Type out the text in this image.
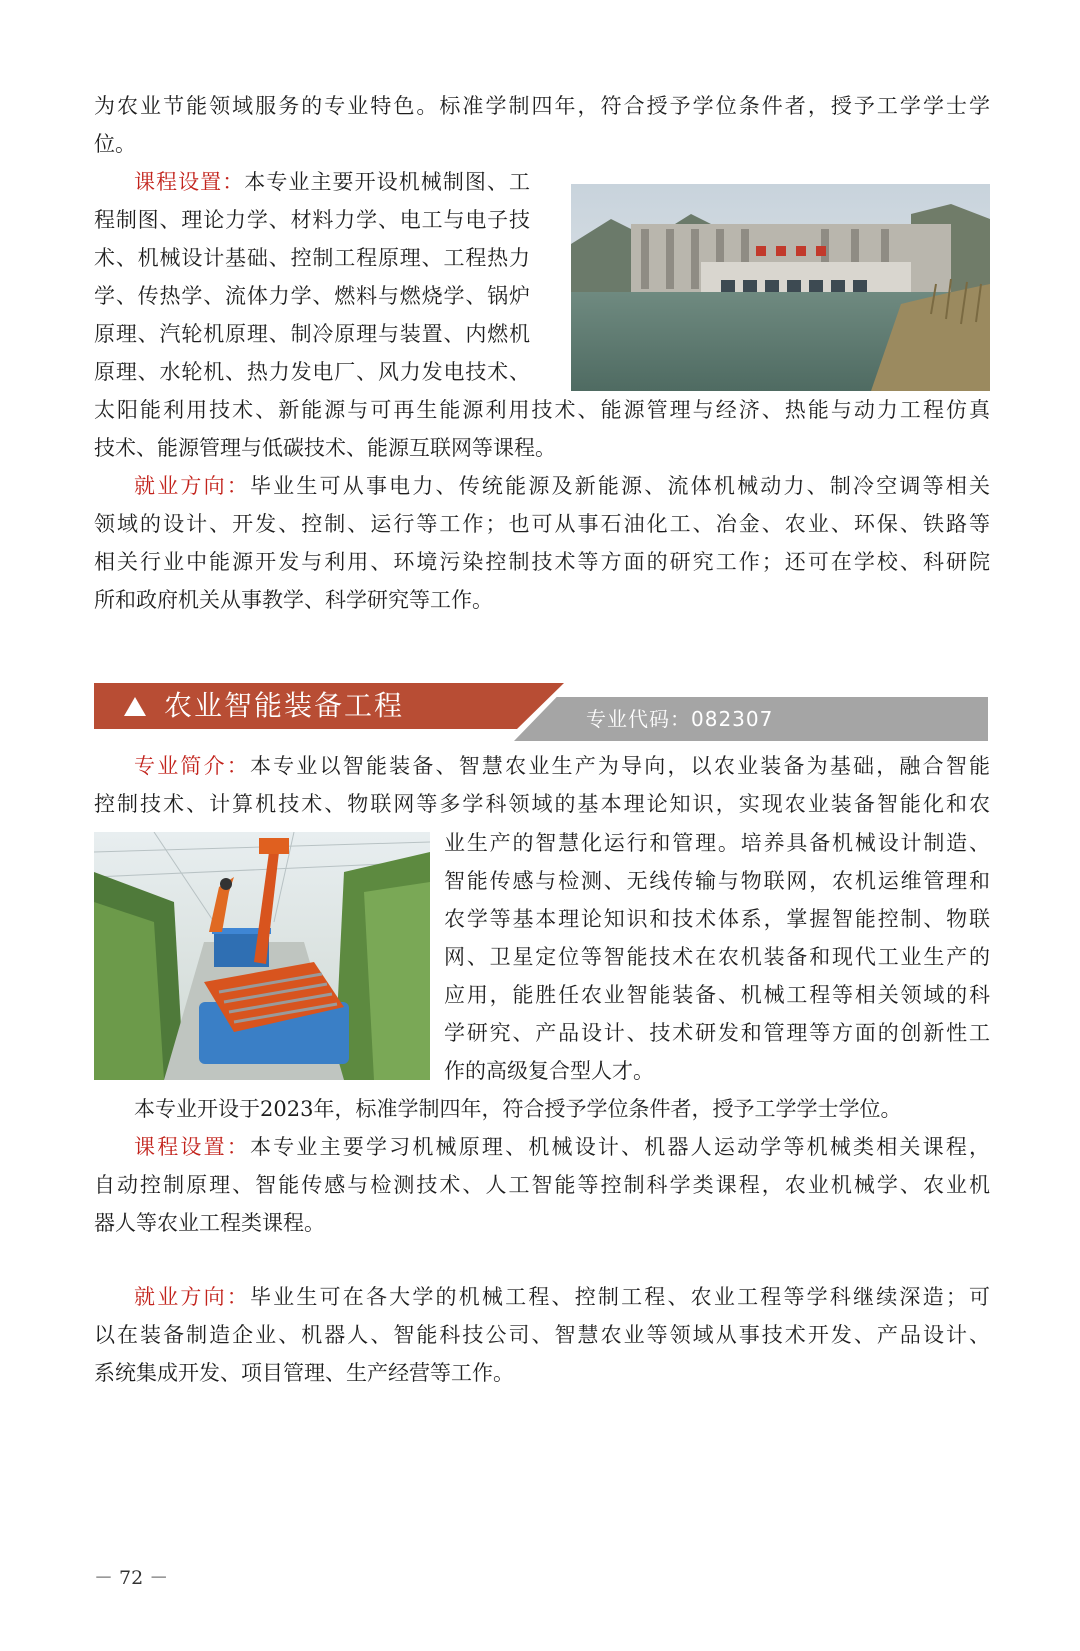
为农业节能领域服务的专业特色。标准学制四年，符合授予学位条件者，授予工学学士学
位。
课程设置：本专业主要开设机械制图、工
程制图、理论力学、材料力学、电工与电子技
术、机械设计基础、控制工程原理、工程热力
学、传热学、流体力学、燃料与燃烧学、锅炉
原理、汽轮机原理、制冷原理与装置、内燃机
原理、水轮机、热力发电厂、风力发电技术、
太阳能利用技术、新能源与可再生能源利用技术、能源管理与经济、热能与动力工程仿真
技术、能源管理与低碳技术、能源互联网等课程。
就业方向：毕业生可从事电力、传统能源及新能源、流体机械动力、制冷空调等相关
领域的设计、开发、控制、运行等工作；也可从事石油化工、冶金、农业、环保、铁路等
相关行业中能源开发与利用、环境污染控制技术等方面的研究工作；还可在学校、科研院
所和政府机关从事教学、科学研究等工作。
农业智能装备工程	专业代码：082307
专业简介：本专业以智能装备、智慧农业生产为导向，以农业装备为基础，融合智能
控制技术、计算机技术、物联网等多学科领域的基本理论知识，实现农业装备智能化和农
业生产的智慧化运行和管理。培养具备机械设计制造、
智能传感与检测、无线传输与物联网，农机运维管理和
农学等基本理论知识和技术体系，掌握智能控制、物联
网、卫星定位等智能技术在农机装备和现代工业生产的
应用，能胜任农业智能装备、机械工程等相关领域的科
学研究、产品设计、技术研发和管理等方面的创新性工
作的高级复合型人才。
本专业开设于2023年，标准学制四年，符合授予学位条件者，授予工学学士学位。
课程设置：本专业主要学习机械原理、机械设计、机器人运动学等机械类相关课程，
自动控制原理、智能传感与检测技术、人工智能等控制科学类课程，农业机械学、农业机
器人等农业工程类课程。
就业方向：毕业生可在各大学的机械工程、控制工程、农业工程等学科继续深造；可
以在装备制造企业、机器人、智能科技公司、智慧农业等领域从事技术开发、产品设计、
系统集成开发、项目管理、生产经营等工作。
－ 72 －
